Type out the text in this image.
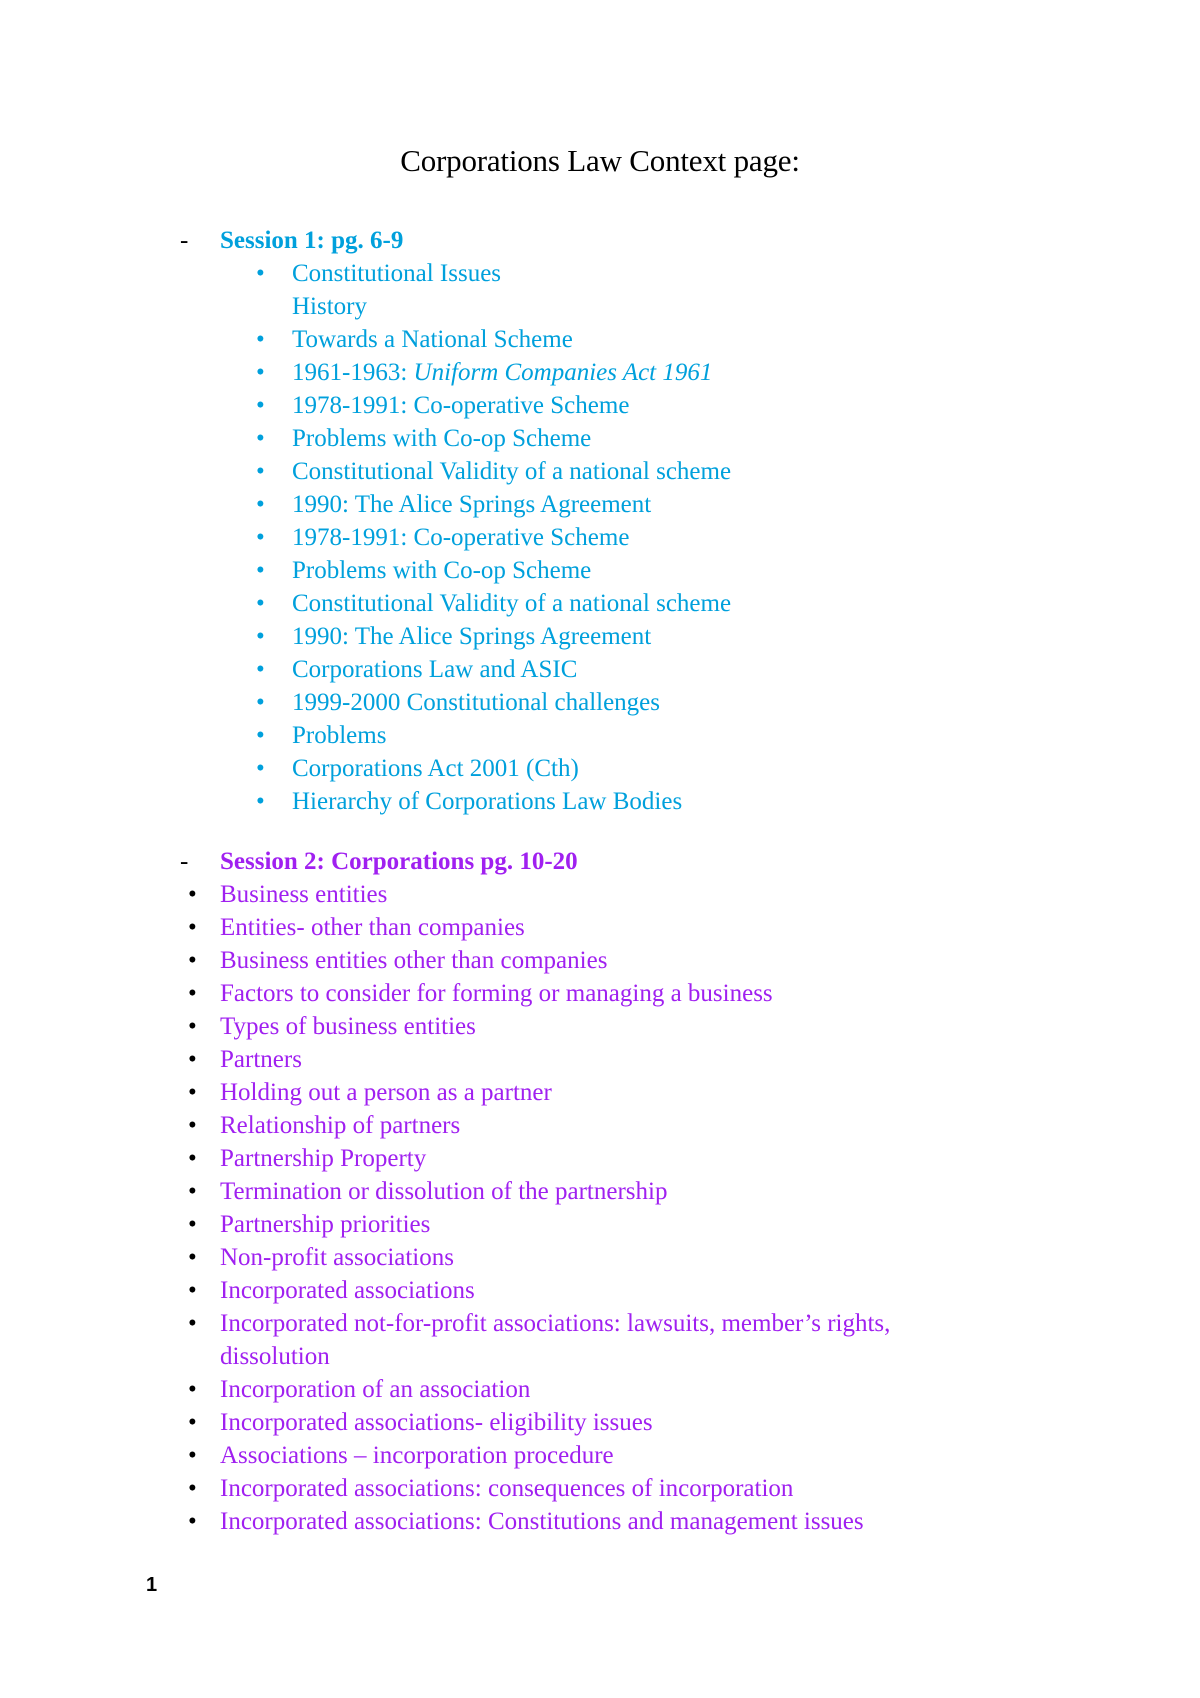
Corporations Law Context page:
- Session 1: pg. 6-9
• Constitutional Issues
History
• Towards a National Scheme
• 1961-1963: Uniform Companies Act 1961
• 1978-1991: Co-operative Scheme
• Problems with Co-op Scheme
• Constitutional Validity of a national scheme
• 1990: The Alice Springs Agreement
• 1978-1991: Co-operative Scheme
• Problems with Co-op Scheme
• Constitutional Validity of a national scheme
• 1990: The Alice Springs Agreement
• Corporations Law and ASIC
• 1999-2000 Constitutional challenges
• Problems
• Corporations Act 2001 (Cth)
• Hierarchy of Corporations Law Bodies
- Session 2: Corporations pg. 10-20
• Business entities
• Entities- other than companies
• Business entities other than companies
• Factors to consider for forming or managing a business
• Types of business entities
• Partners
• Holding out a person as a partner
• Relationship of partners
• Partnership Property
• Termination or dissolution of the partnership
• Partnership priorities
• Non-profit associations
• Incorporated associations
• Incorporated not-for-profit associations: lawsuits, member’s rights, dissolution
• Incorporation of an association
• Incorporated associations- eligibility issues
• Associations – incorporation procedure
• Incorporated associations: consequences of incorporation
• Incorporated associations: Constitutions and management issues
1
